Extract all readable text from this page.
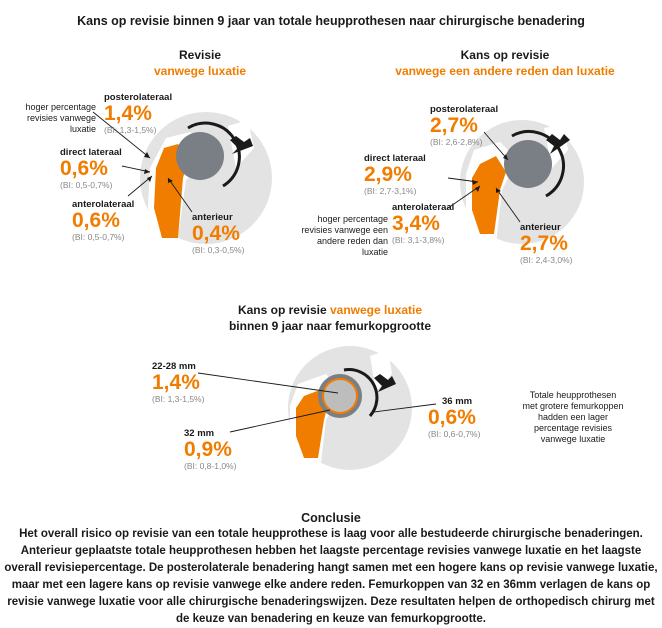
Kans op revisie binnen 9 jaar van totale heupprothesen naar chirurgische benadering
Revisie
vanwege luxatie
hoger percentage
revisies vanwege
luxatie
posterolateraal
1,4%
(BI: 1,3-1,5%)
direct lateraal
0,6%
(BI: 0,5-0,7%)
anterolateraal
0,6%
(BI: 0,5-0,7%)
anterieur
0,4%
(BI: 0,3-0,5%)
Kans op revisie
vanwege een andere reden dan luxatie
posterolateraal
2,7%
(BI: 2,6-2,8%)
direct lateraal
2,9%
(BI: 2,7-3,1%)
hoger percentage
revisies vanwege een
andere reden dan
luxatie
anterolateraal
3,4%
(BI: 3,1-3,8%)
anterieur
2,7%
(BI: 2,4-3,0%)
Kans op revisie vanwege luxatie
binnen 9 jaar naar femurkopgrootte
22-28 mm
1,4%
(BI: 1,3-1,5%)
32 mm
0,9%
(BI: 0,8-1,0%)
36 mm
0,6%
(BI: 0,6-0,7%)
Totale heupprothesen
met grotere femurkoppen
hadden een lager
percentage revisies
vanwege luxatie
Conclusie
Het overall risico op revisie van een totale heupprothese is laag voor alle bestudeerde chirurgische benaderingen. Anterieur geplaatste totale heupprothesen hebben het laagste percentage revisies vanwege luxatie en het laagste overall revisiepercentage. De posterolaterale benadering hangt samen met een hogere kans op revisie vanwege luxatie, maar met een lagere kans op revisie vanwege elke andere reden. Femurkoppen van 32 en 36mm verlagen de kans op revisie vanwege luxatie voor alle chirurgische benaderingswijzen. Deze resultaten helpen de orthopedisch chirurg met de keuze van benadering en keuze van femurkopgrootte.
